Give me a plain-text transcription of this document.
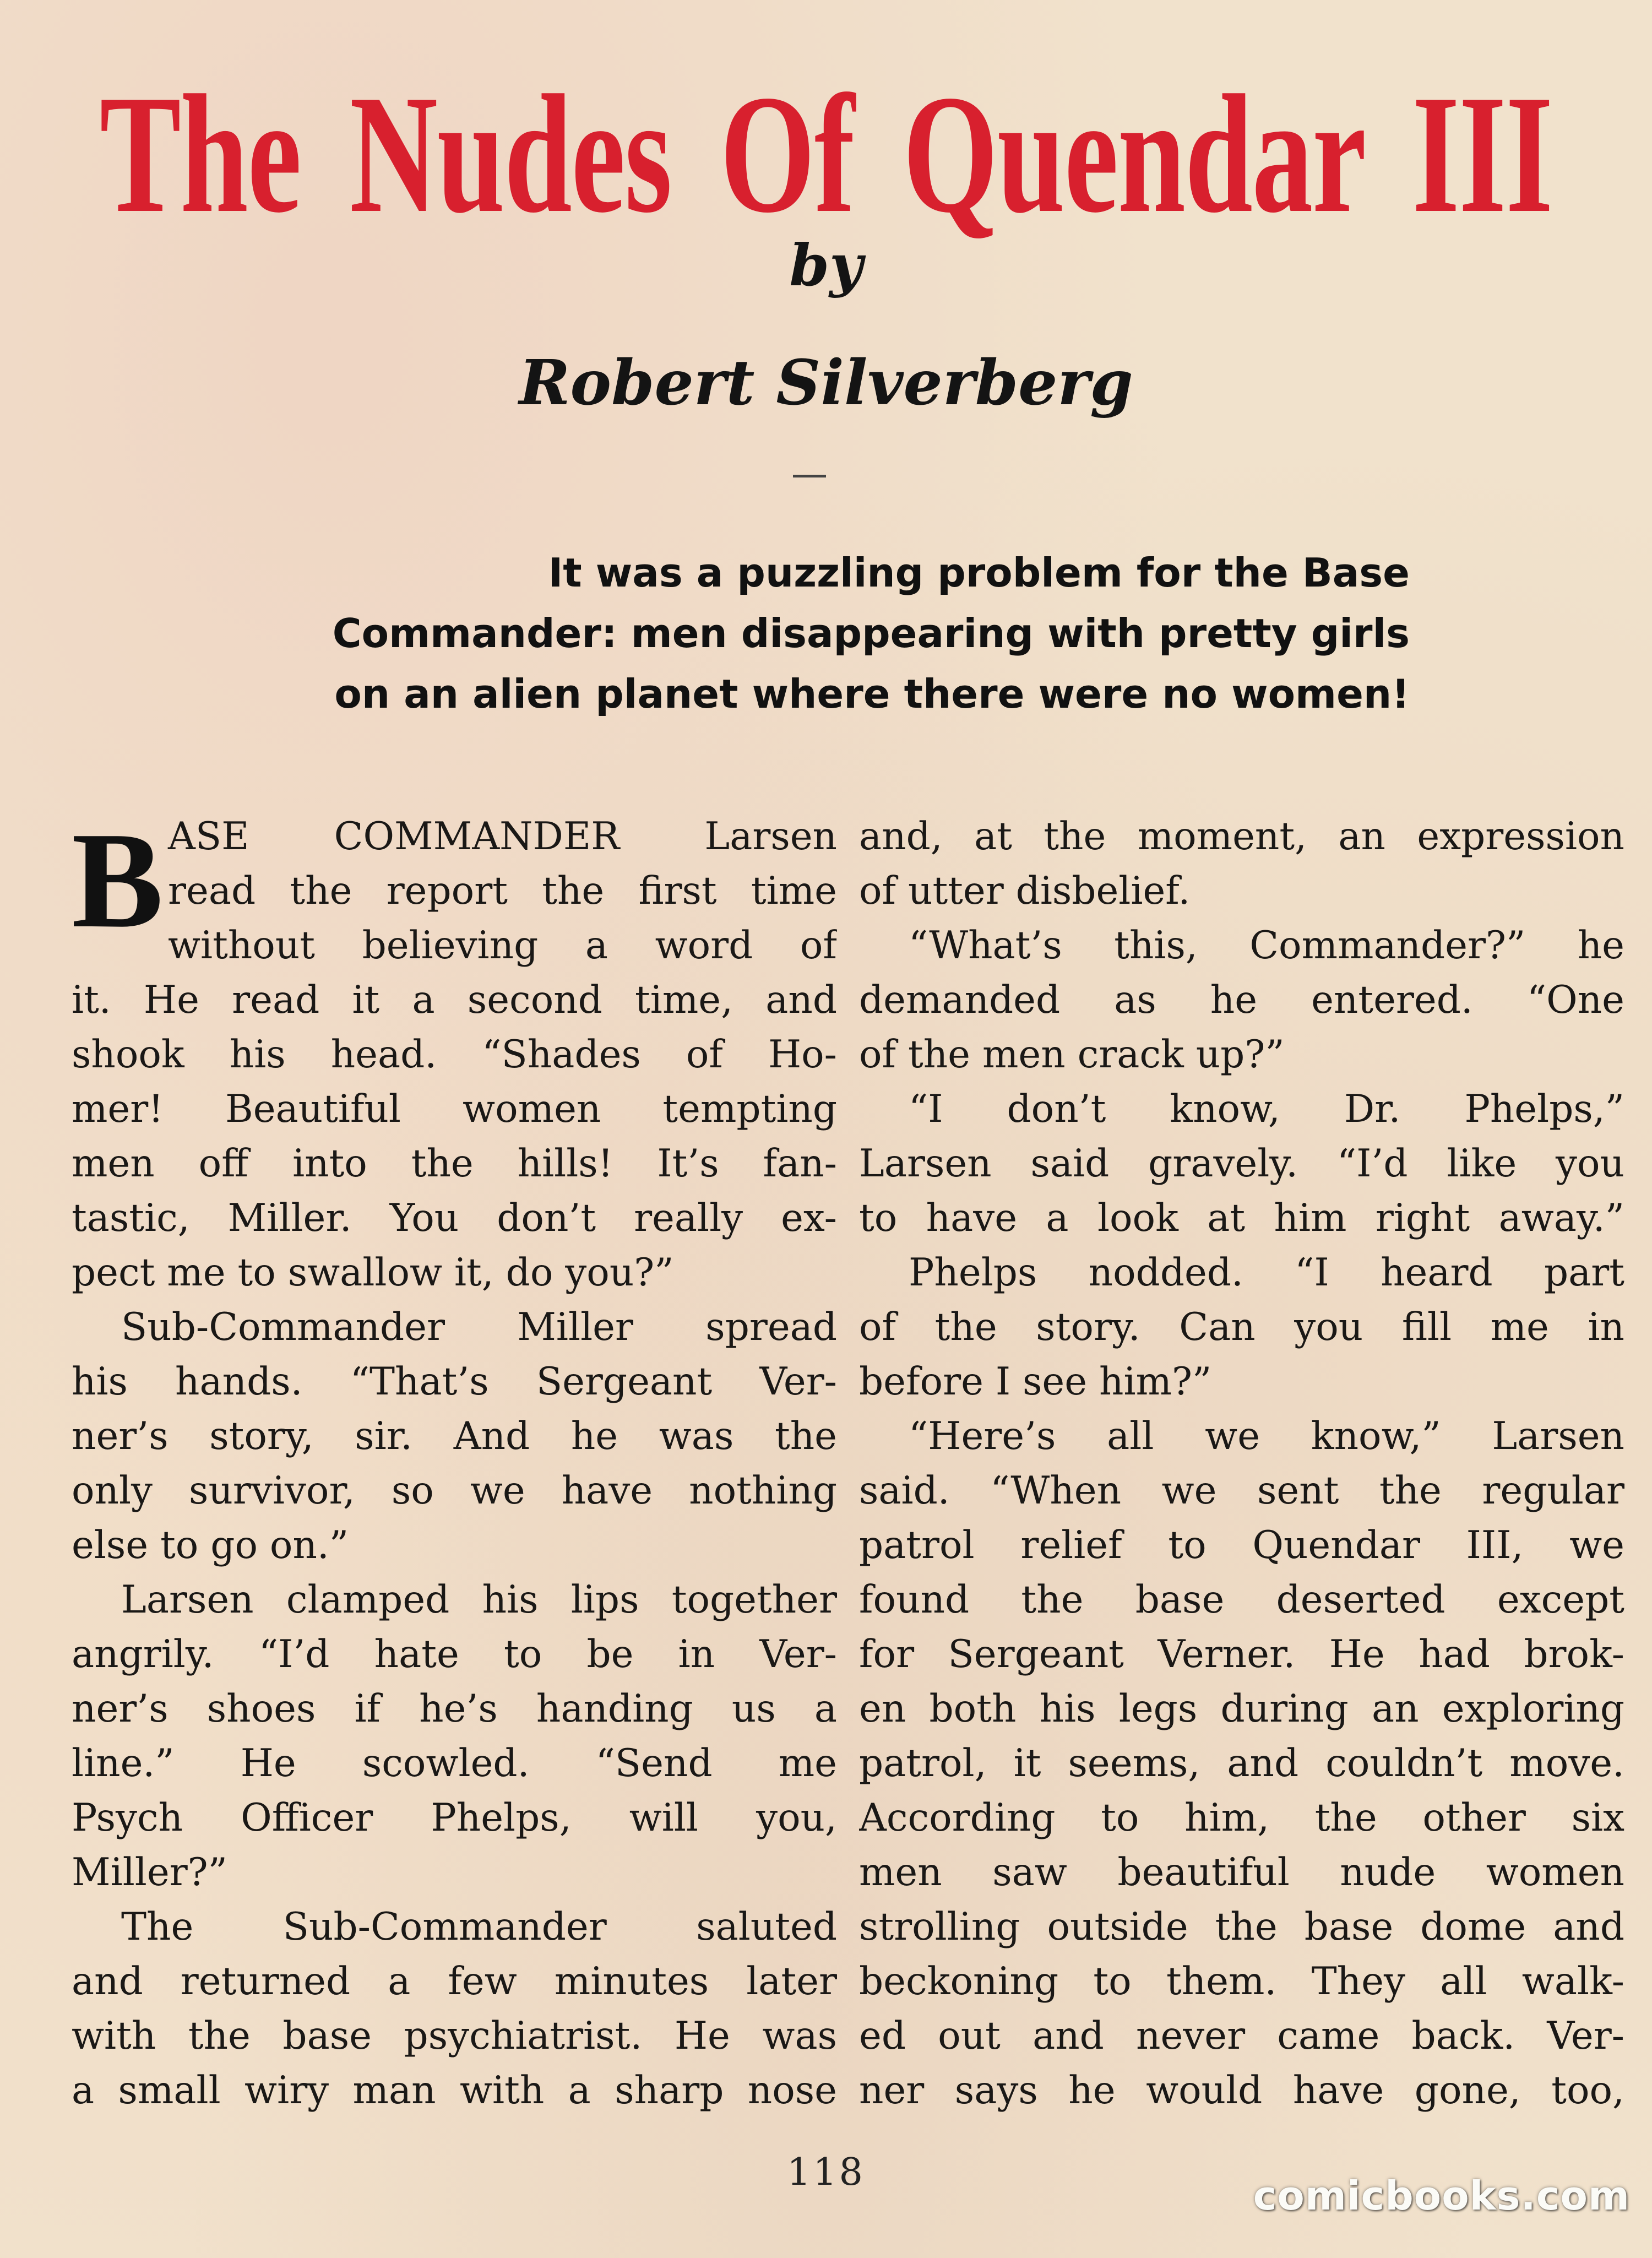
The Nudes Of Quendar III
by
Robert Silverberg
It was a puzzling problem for the Base
Commander: men disappearing with pretty girls
on an alien planet where there were no women!
B ASE COMMANDER Larsen
read the report the first time
without believing a word of
it. He read it a second time, and
shook his head. “Shades of Ho-
mer! Beautiful women tempting
men off into the hills! It’s fan-
tastic, Miller. You don’t really ex-
pect me to swallow it, do you?”
Sub-Commander Miller spread
his hands. “That’s Sergeant Ver-
ner’s story, sir. And he was the
only survivor, so we have nothing
else to go on.”
Larsen clamped his lips together
angrily. “I’d hate to be in Ver-
ner’s shoes if he’s handing us a
line.” He scowled. “Send me
Psych Officer Phelps, will you,
Miller?”
The Sub-Commander saluted
and returned a few minutes later
with the base psychiatrist. He was
a small wiry man with a sharp nose
and, at the moment, an expression
of utter disbelief.
“What’s this, Commander?” he
demanded as he entered. “One
of the men crack up?”
“I don’t know, Dr. Phelps,”
Larsen said gravely. “I’d like you
to have a look at him right away.”
Phelps nodded. “I heard part
of the story. Can you fill me in
before I see him?”
“Here’s all we know,” Larsen
said. “When we sent the regular
patrol relief to Quendar III, we
found the base deserted except
for Sergeant Verner. He had brok-
en both his legs during an exploring
patrol, it seems, and couldn’t move.
According to him, the other six
men saw beautiful nude women
strolling outside the base dome and
beckoning to them. They all walk-
ed out and never came back. Ver-
ner says he would have gone, too,
118
comicbooks.com
